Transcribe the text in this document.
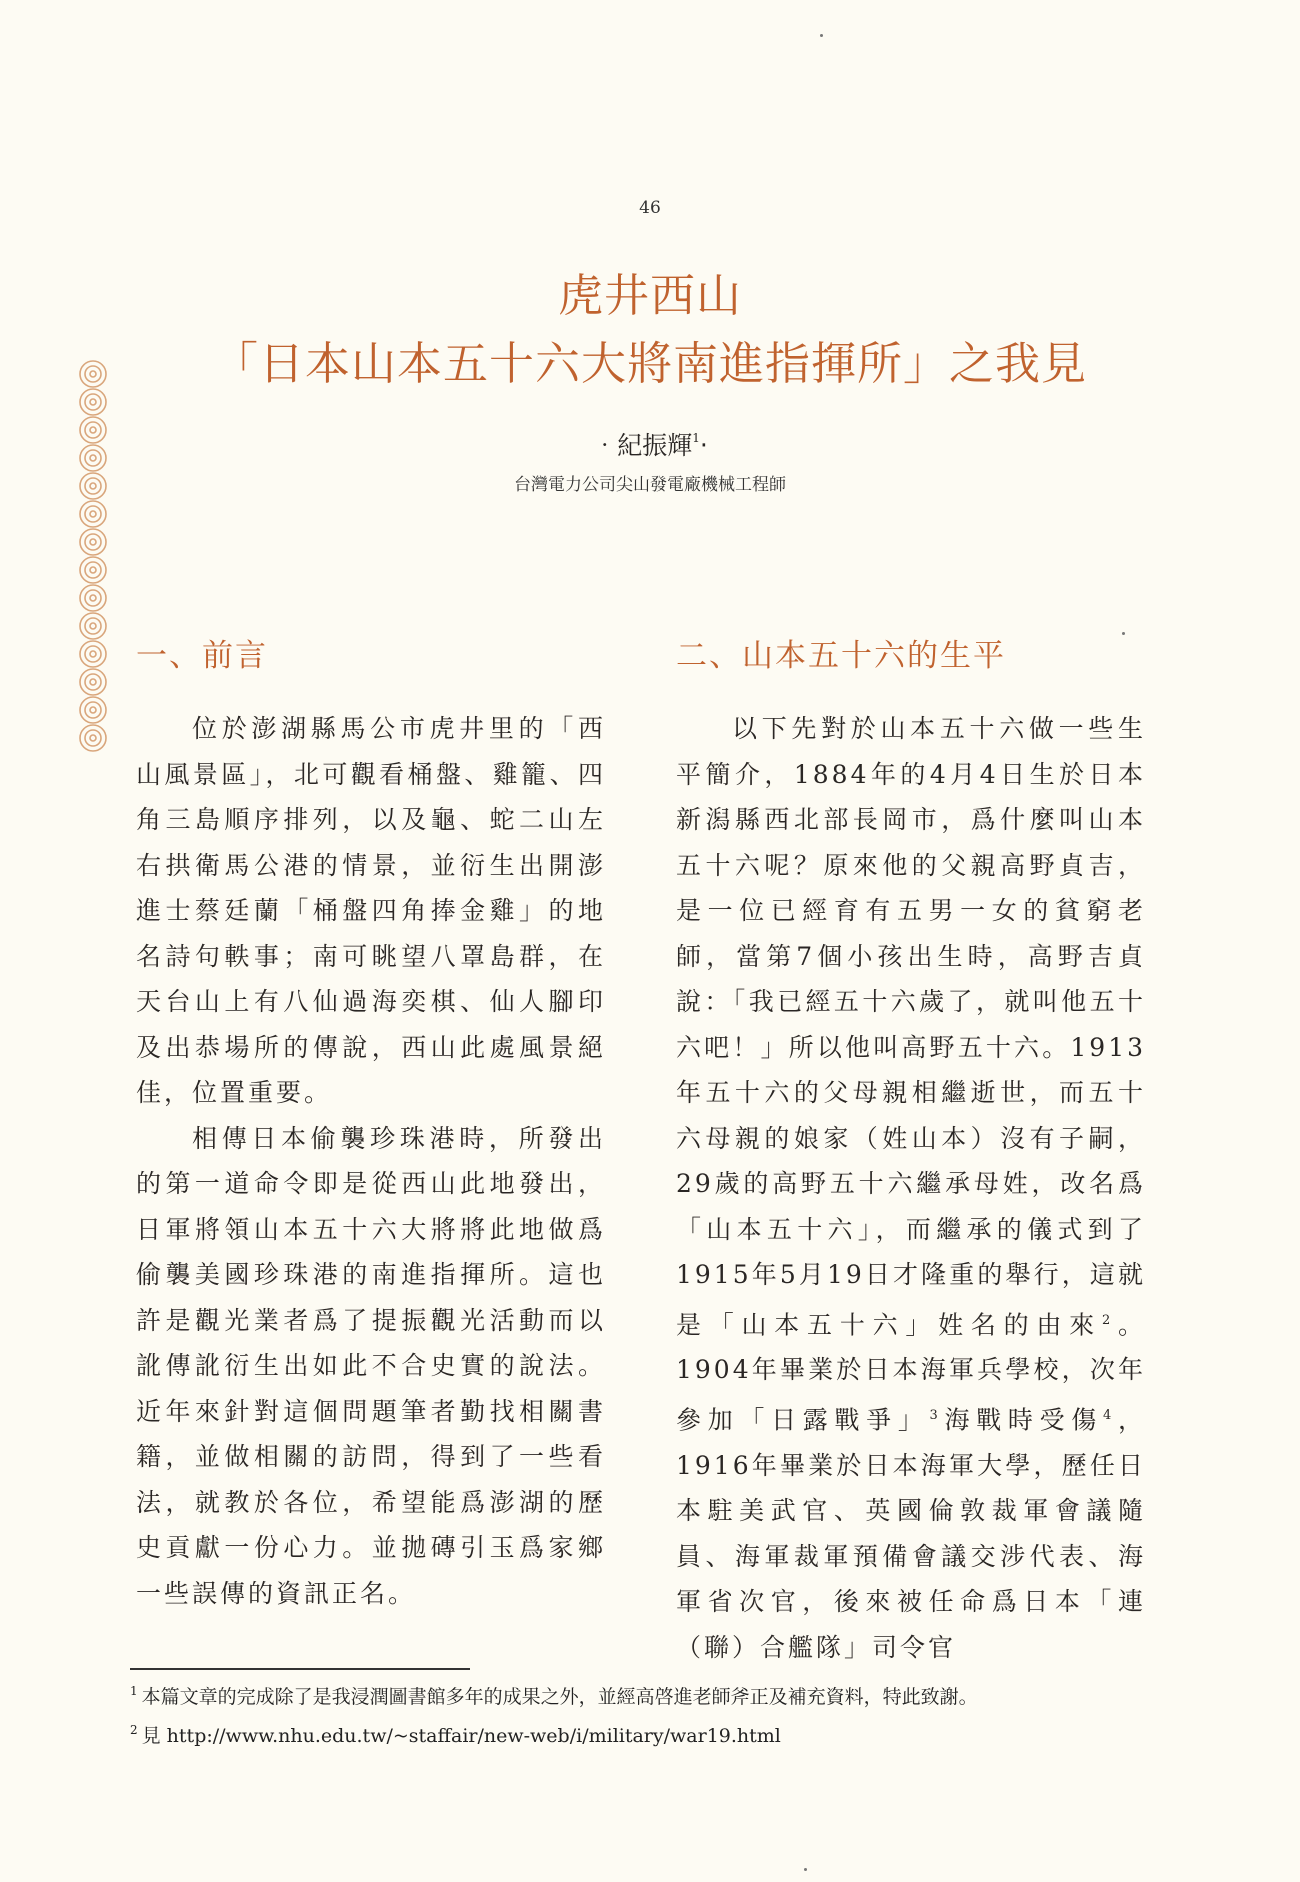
46
虎井西山
「日本山本五十六大將南進指揮所」之我見
‧紀振輝$^1$‧
台灣電力公司尖山發電廠機械工程師
一、前言

位於澎湖縣馬公市虎井里的「西山風景區」，北可觀看桶盤、雞籠、四角三島順序排列，以及龜、蛇二山左右拱衛馬公港的情景，並衍生出開澎進士蔡廷蘭「桶盤四角捧金雞」的地名詩句軼事；南可眺望八罩島群，在天台山上有八仙過海奕棋、仙人腳印及出恭場所的傳說，西山此處風景絕佳，位置重要。

相傳日本偷襲珍珠港時，所發出的第一道命令即是從西山此地發出，日軍將領山本五十六大將將此地做爲偷襲美國珍珠港的南進指揮所。這也許是觀光業者爲了提振觀光活動而以訛傳訛衍生出如此不合史實的說法。近年來針對這個問題筆者勤找相關書籍，並做相關的訪問，得到了一些看法，就教於各位，希望能爲澎湖的歷史貢獻一份心力。並拋磚引玉爲家鄉一些誤傳的資訊正名。

二、山本五十六的生平

以下先對於山本五十六做一些生平簡介，1884年的4月4日生於日本新潟縣西北部長岡市，爲什麼叫山本五十六呢？原來他的父親高野貞吉，是一位已經育有五男一女的貧窮老師，當第7個小孩出生時，高野吉貞說：「我已經五十六歲了，就叫他五十六吧！」所以他叫高野五十六。1913年五十六的父母親相繼逝世，而五十六母親的娘家（姓山本）沒有子嗣，29歲的高野五十六繼承母姓，改名爲「山本五十六」，而繼承的儀式到了1915年5月19日才隆重的舉行，這就是「山本五十六」姓名的由來$^2$。1904年畢業於日本海軍兵學校，次年參加「日露戰爭」$^3$海戰時受傷$^4$，1916年畢業於日本海軍大學，歷任日本駐美武官、英國倫敦裁軍會議隨員、海軍裁軍預備會議交涉代表、海軍省次官，後來被任命爲日本「連（聯）合艦隊」司令官

$^1$ 本篇文章的完成除了是我浸潤圖書館多年的成果之外，並經高啓進老師斧正及補充資料，特此致謝。
$^2$ 見 http://www.nhu.edu.tw/~staffair/new-web/i/military/war19.html
